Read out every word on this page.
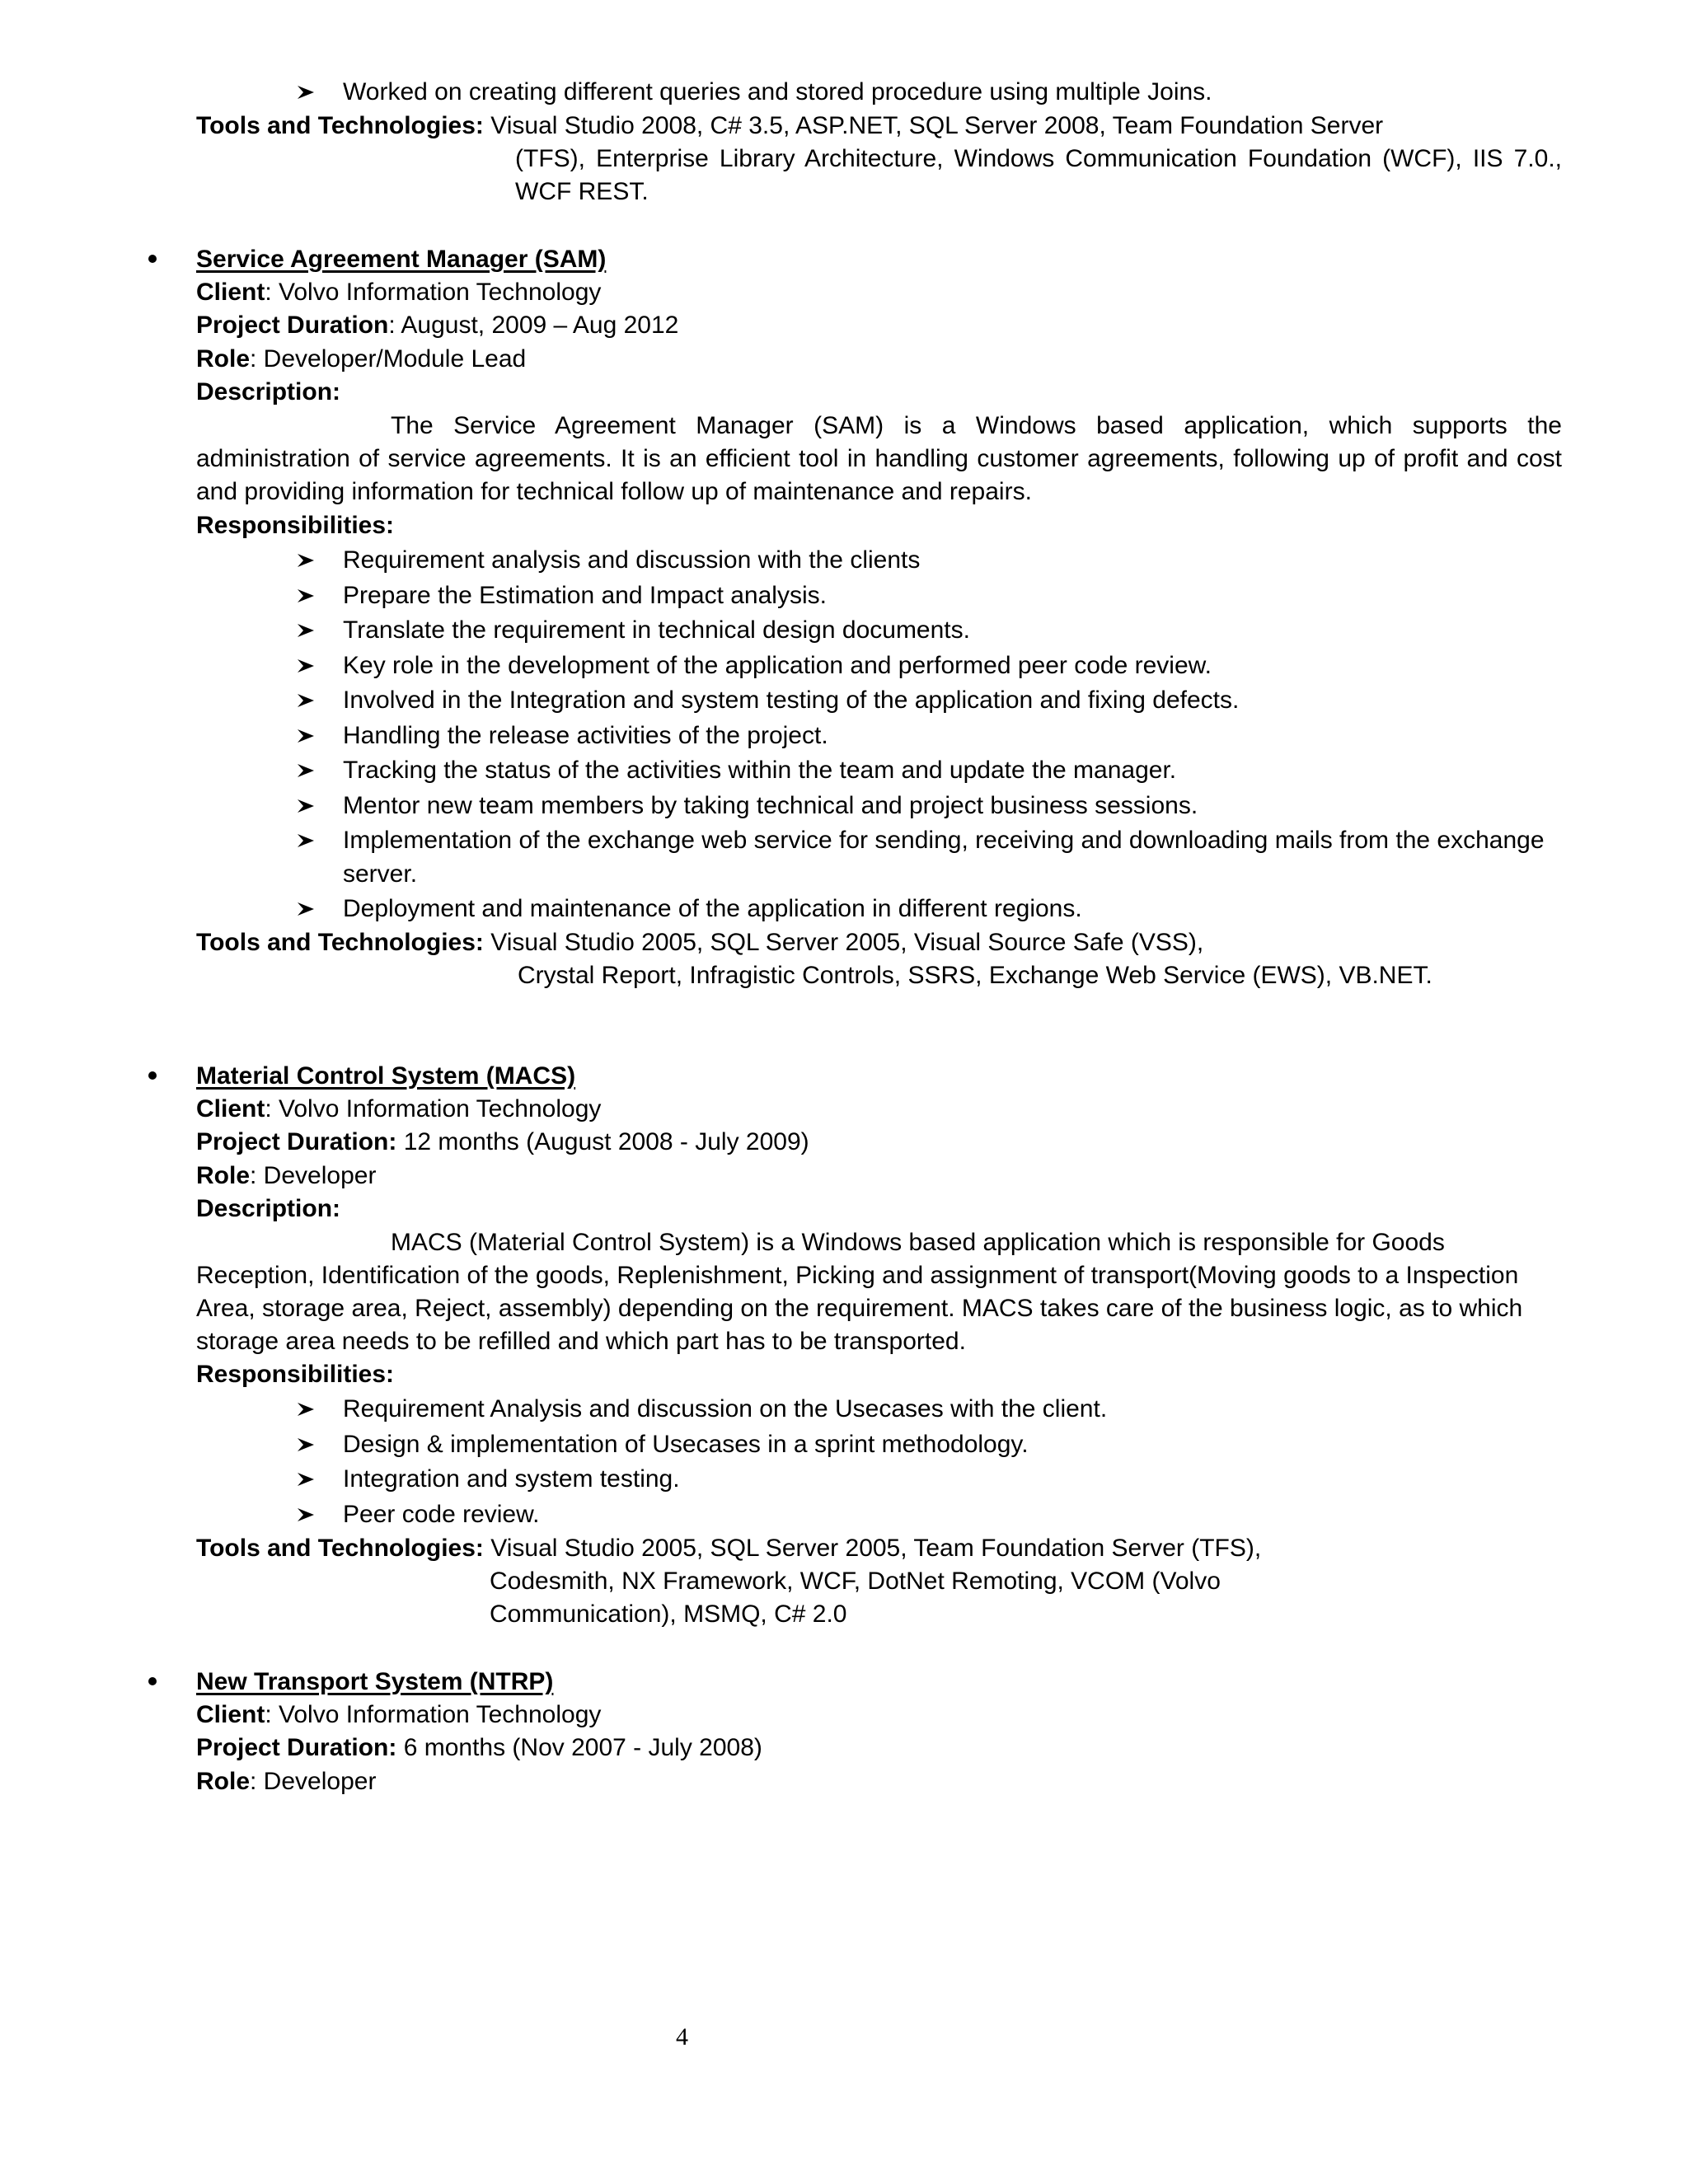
Worked on creating different queries and stored procedure using multiple Joins.
Tools and Technologies: Visual Studio 2008, C# 3.5, ASP.NET, SQL Server 2008, Team Foundation Server
(TFS), Enterprise Library Architecture, Windows Communication Foundation (WCF), IIS 7.0.,
WCF REST.
Service Agreement Manager (SAM)
Client: Volvo Information Technology
Project Duration: August, 2009 – Aug 2012
Role: Developer/Module Lead
Description:
The Service Agreement Manager (SAM) is a Windows based application, which supports the
administration of service agreements. It is an efficient tool in handling customer agreements, following up of profit and cost
and providing information for technical follow up of maintenance and repairs.
Responsibilities:
Requirement analysis and discussion with the clients
Prepare the Estimation and Impact analysis.
Translate the requirement in technical design documents.
Key role in the development of the application and performed peer code review.
Involved in the Integration and system testing of the application and fixing defects.
Handling the release activities of the project.
Tracking the status of the activities within the team and update the manager.
Mentor new team members by taking technical and project business sessions.
Implementation of the exchange web service for sending, receiving and downloading mails from the exchange
server.
Deployment and maintenance of the application in different regions.
Tools and Technologies: Visual Studio 2005, SQL Server 2005, Visual Source Safe (VSS),
Crystal Report, Infragistic Controls, SSRS, Exchange Web Service (EWS), VB.NET.
Material Control System (MACS)
Client: Volvo Information Technology
Project Duration: 12 months (August 2008 - July 2009)
Role: Developer
Description:
MACS (Material Control System) is a Windows based application which is responsible for Goods
Reception, Identification of the goods, Replenishment, Picking and assignment of transport(Moving goods to a Inspection
Area, storage area, Reject, assembly) depending on the requirement. MACS takes care of the business logic, as to which
storage area needs to be refilled and which part has to be transported.
Responsibilities:
Requirement Analysis and discussion on the Usecases with the client.
Design & implementation of Usecases in a sprint methodology.
Integration and system testing.
Peer code review.
Tools and Technologies: Visual Studio 2005, SQL Server 2005, Team Foundation Server (TFS),
Codesmith, NX Framework, WCF, DotNet Remoting, VCOM (Volvo
Communication), MSMQ, C# 2.0
New Transport System (NTRP)
Client: Volvo Information Technology
Project Duration: 6 months (Nov 2007 - July 2008)
Role: Developer
4
